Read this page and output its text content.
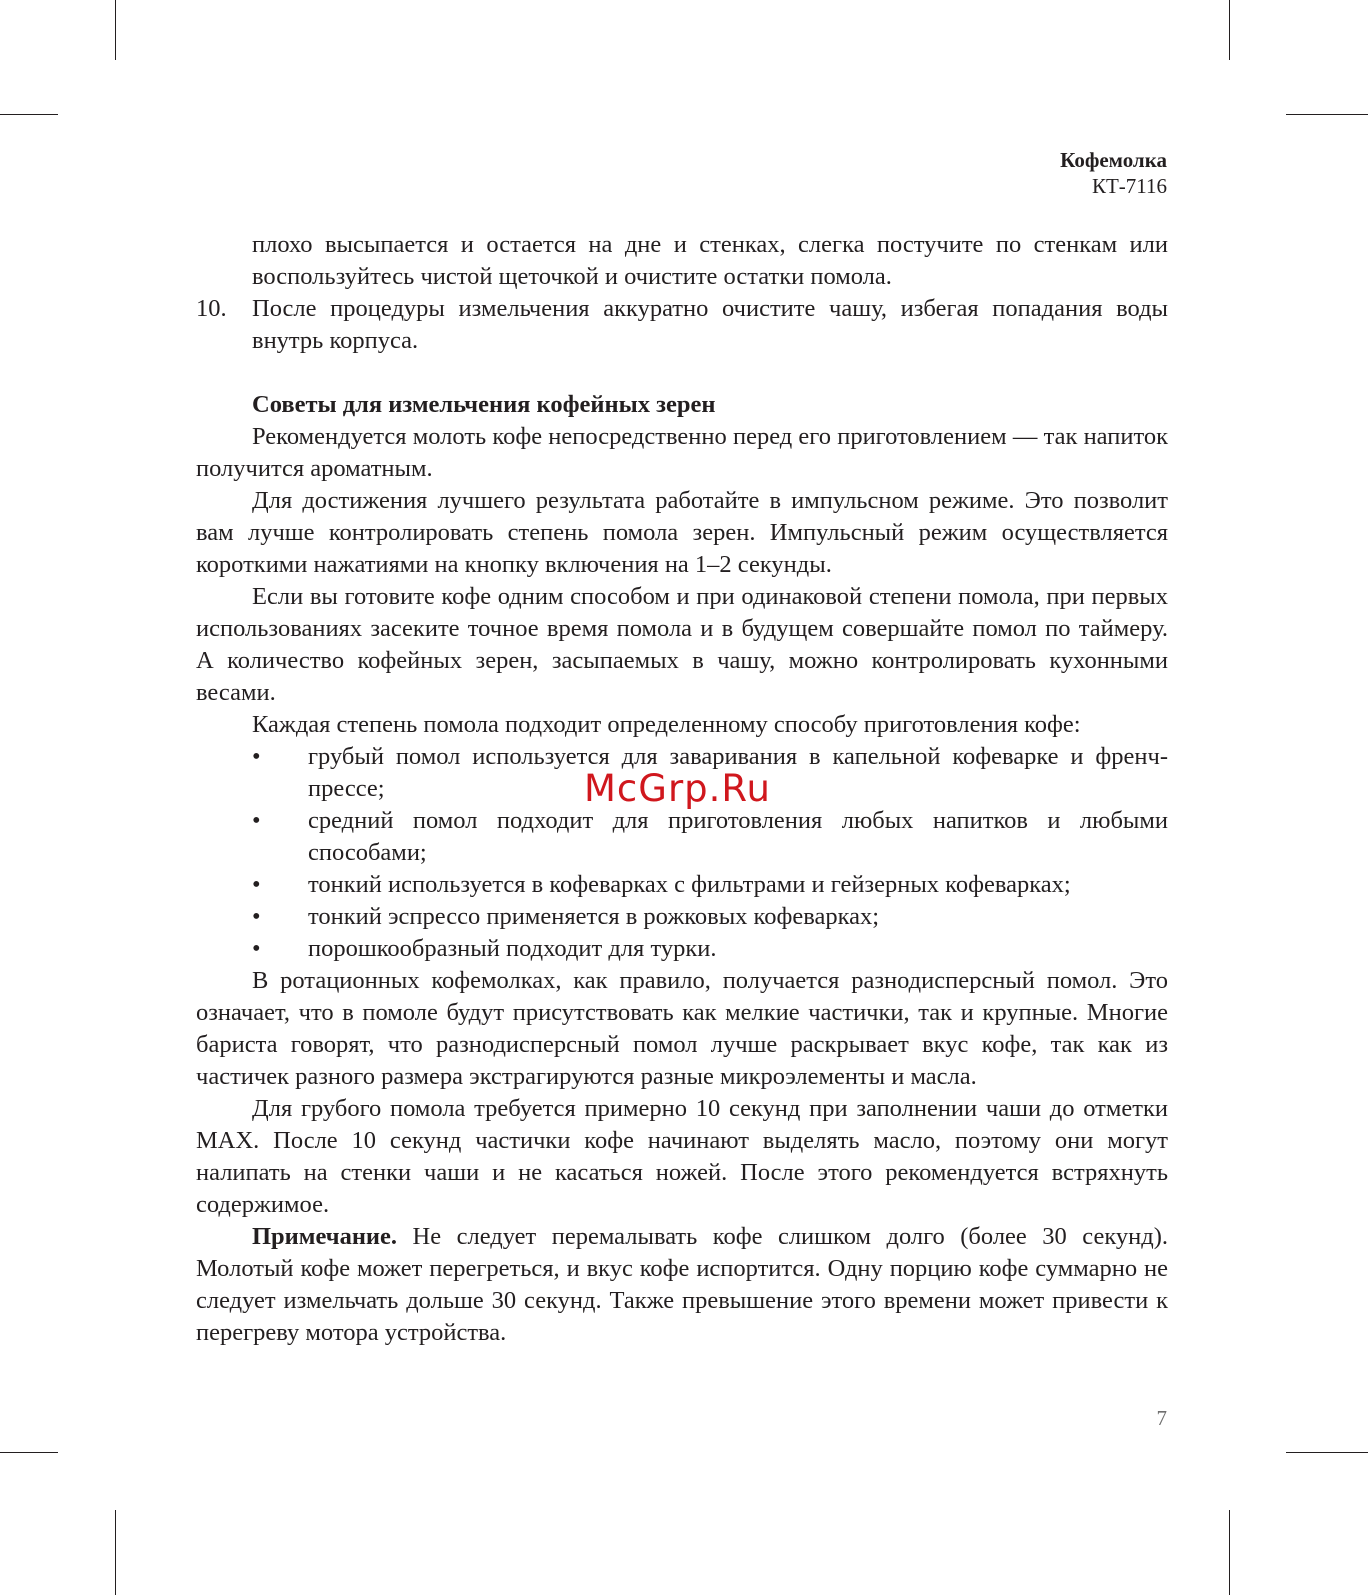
Кофемолка
КТ-7116

плохо высыпается и остается на дне и стенках, слегка постучите по стенкам или воспользуйтесь чистой щеточкой и очистите остатки помола.

10. После процедуры измельчения аккуратно очистите чашу, избегая попадания воды внутрь корпуса.

Советы для измельчения кофейных зерен

Рекомендуется молоть кофе непосредственно перед его приготовлением — так напиток получится ароматным.

Для достижения лучшего результата работайте в импульсном режиме. Это позволит вам лучше контролировать степень помола зерен. Импульсный режим осуществляется короткими нажатиями на кнопку включения на 1–2 секунды.

Если вы готовите кофе одним способом и при одинаковой степени помола, при первых использованиях засеките точное время помола и в будущем совершайте помол по таймеру. А количество кофейных зерен, засыпаемых в чашу, можно контролировать кухонными весами.

Каждая степень помола подходит определенному способу приготовления кофе:

• грубый помол используется для заваривания в капельной кофеварке и френч-прессе;
• средний помол подходит для приготовления любых напитков и любыми способами;
• тонкий используется в кофеварках с фильтрами и гейзерных кофеварках;
• тонкий эспрессо применяется в рожковых кофеварках;
• порошкообразный подходит для турки.

В ротационных кофемолках, как правило, получается разнодисперсный помол. Это означает, что в помоле будут присутствовать как мелкие частички, так и крупные. Многие бариста говорят, что разнодисперсный помол лучше раскрывает вкус кофе, так как из частичек разного размера экстрагируются разные микроэлементы и масла.

Для грубого помола требуется примерно 10 секунд при заполнении чаши до отметки MAX. После 10 секунд частички кофе начинают выделять масло, поэтому они могут налипать на стенки чаши и не касаться ножей. После этого рекомендуется встряхнуть содержимое.

Примечание. Не следует перемалывать кофе слишком долго (более 30 секунд). Молотый кофе может перегреться, и вкус кофе испортится. Одну порцию кофе суммарно не следует измельчать дольше 30 секунд. Также превышение этого времени может привести к перегреву мотора устройства.

McGrp.Ru
7
